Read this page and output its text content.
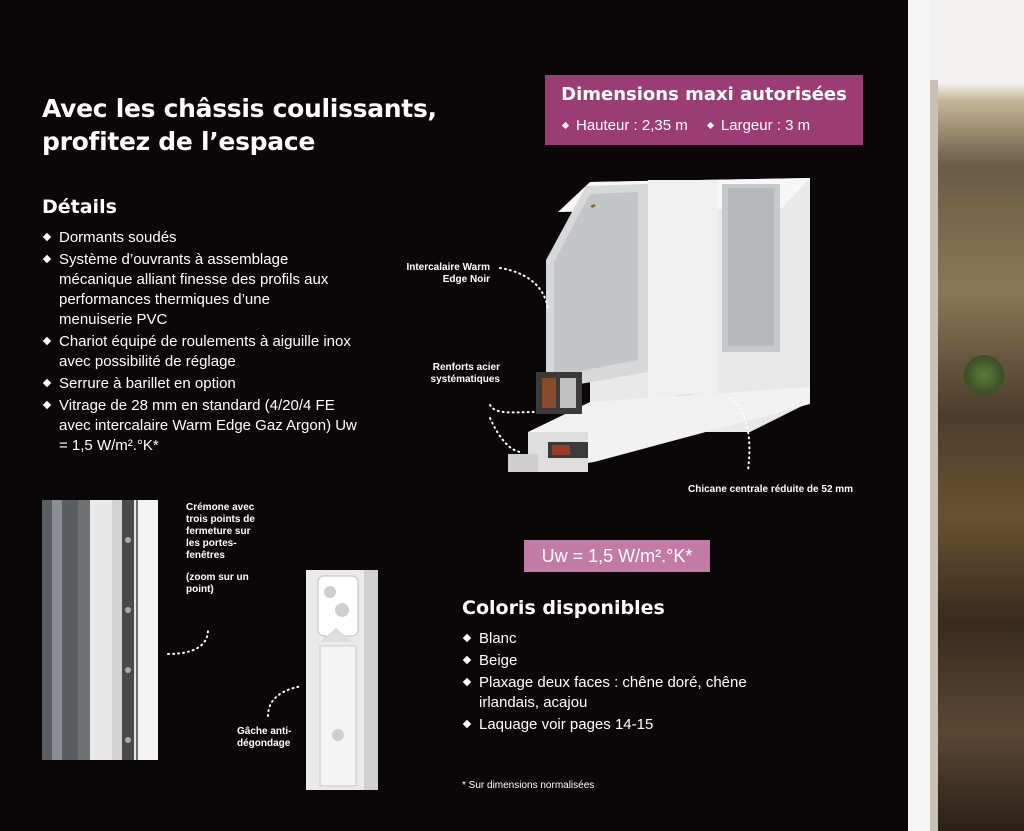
Avec les châssis coulissants,
profitez de l’espace
Détails
Dormants soudés
Système d’ouvrants à assemblage mécanique alliant finesse des profils aux performances thermiques d’une menuiserie PVC
Chariot équipé de roulements à aiguille inox avec possibilité de réglage
Serrure à barillet en option
Vitrage de 28 mm en standard (4/20/4 FE avec intercalaire Warm Edge Gaz Argon) Uw = 1,5 W/m².°K*
Dimensions maxi autorisées
Hauteur : 2,35 m Largeur : 3 m
Intercalaire Warm Edge Noir
Renforts acier systématiques
Chicane centrale réduite de 52 mm
Crémone avec trois points de fermeture sur les portes-fenêtres
(zoom sur un point)
Gâche anti-dégondage
Uw = 1,5 W/m².°K*
Coloris disponibles
Blanc
Beige
Plaxage deux faces : chêne doré, chêne irlandais, acajou
Laquage voir pages 14-15
* Sur dimensions normalisées
